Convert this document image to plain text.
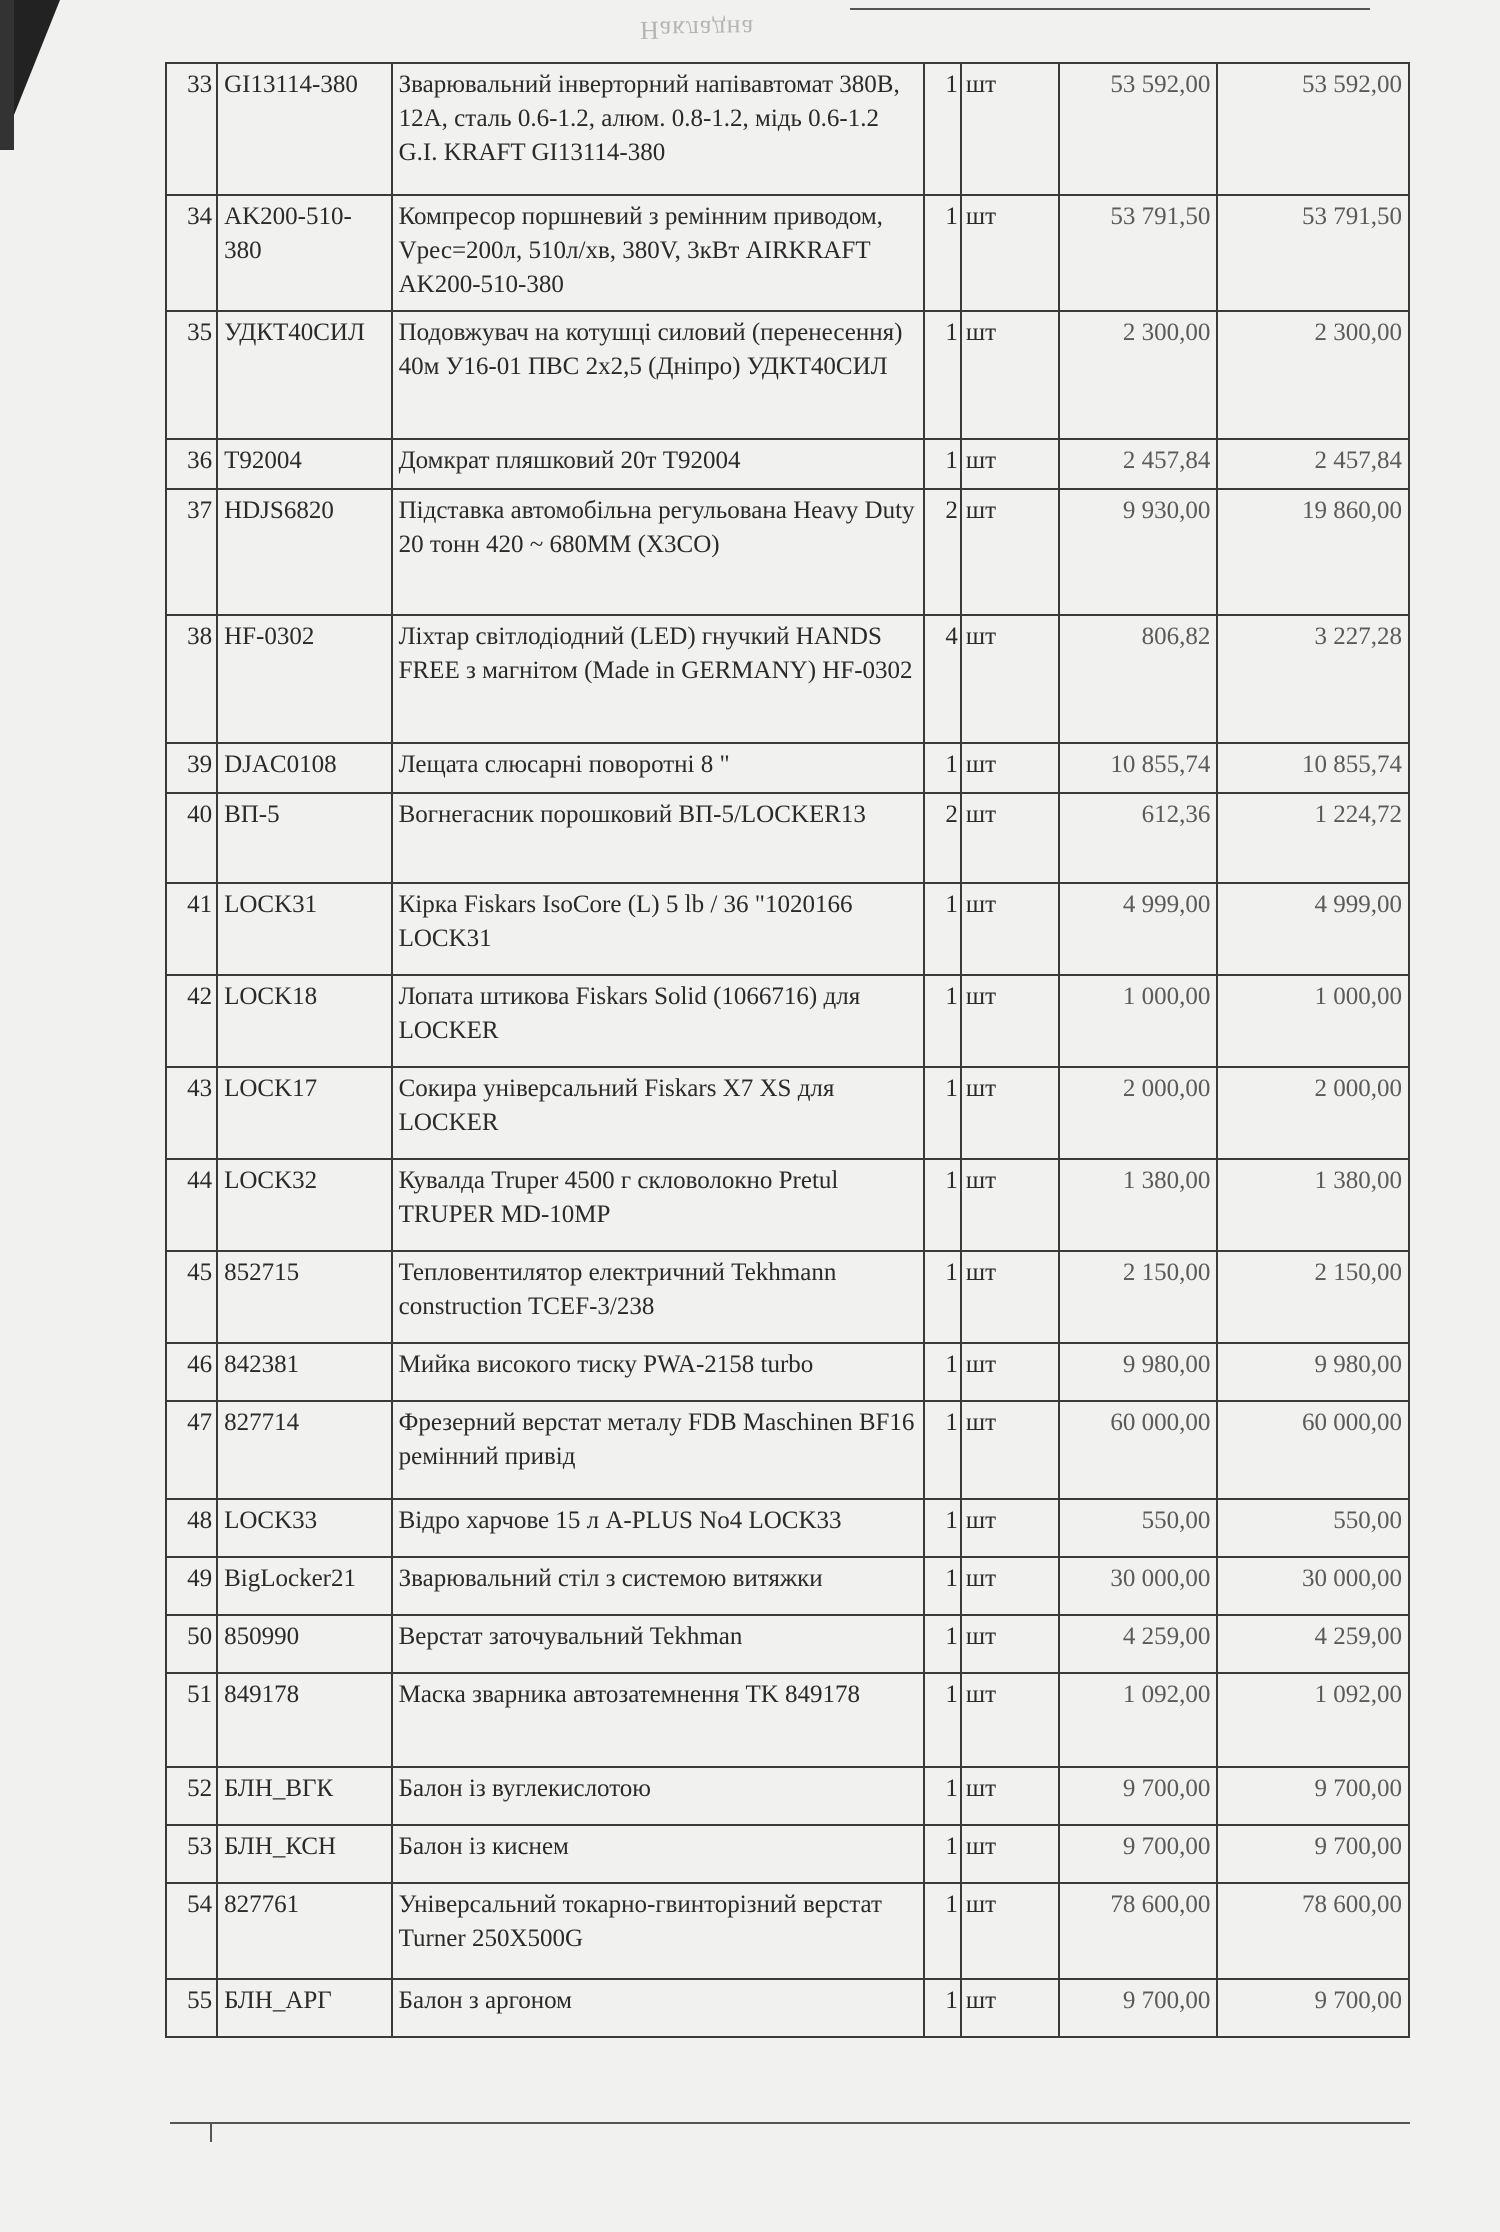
Накладна
33	GI13114-380	Зварювальний інверторний напівавтомат 380В, 12А, сталь 0.6-1.2, алюм. 0.8-1.2, мідь 0.6-1.2 G.I. KRAFT GI13114-380	1	шт	53 592,00	53 592,00
34	AK200-510-380	Компресор поршневий з ремінним приводом, Vрес=200л, 510л/хв, 380V, 3кВт AIRKRAFT AK200-510-380	1	шт	53 791,50	53 791,50
35	УДКТ40СИЛ	Подовжувач на котушці силовий (перенесення) 40м У16-01 ПВС 2х2,5 (Дніпро) УДКТ40СИЛ	1	шт	2 300,00	2 300,00
36	T92004	Домкрат пляшковий 20т T92004	1	шт	2 457,84	2 457,84
37	HDJS6820	Підставка автомобільна регульована Heavy Duty 20 тонн 420 ~ 680MM (X3CO)	2	шт	9 930,00	19 860,00
38	HF-0302	Ліхтар світлодіодний (LED) гнучкий HANDS FREE з магнітом (Made in GERMANY) HF-0302	4	шт	806,82	3 227,28
39	DJAC0108	Лещата слюсарні поворотні 8 "	1	шт	10 855,74	10 855,74
40	ВП-5	Вогнегасник порошковий ВП-5/LOCKER13	2	шт	612,36	1 224,72
41	LOCK31	Кірка Fiskars IsoCore (L) 5 lb / 36 "1020166 LOCK31	1	шт	4 999,00	4 999,00
42	LOCK18	Лопата штикова Fiskars Solid (1066716) для LOCKER	1	шт	1 000,00	1 000,00
43	LOCK17	Сокира універсальний Fiskars X7 XS для LOCKER	1	шт	2 000,00	2 000,00
44	LOCK32	Кувалда Truper 4500 г скловолокно Pretul TRUPER MD-10MP	1	шт	1 380,00	1 380,00
45	852715	Тепловентилятор електричний Tekhmann construction TCEF-3/238	1	шт	2 150,00	2 150,00
46	842381	Мийка високого тиску PWA-2158 turbo	1	шт	9 980,00	9 980,00
47	827714	Фрезерний верстат металу FDB Maschinen BF16 ремінний привід	1	шт	60 000,00	60 000,00
48	LOCK33	Відро харчове 15 л A-PLUS No4 LOCK33	1	шт	550,00	550,00
49	BigLocker21	Зварювальний стіл з системою витяжки	1	шт	30 000,00	30 000,00
50	850990	Верстат заточувальний Tekhman	1	шт	4 259,00	4 259,00
51	849178	Маска зварника автозатемнення TK 849178	1	шт	1 092,00	1 092,00
52	БЛН_ВГК	Балон із вуглекислотою	1	шт	9 700,00	9 700,00
53	БЛН_КСН	Балон із киснем	1	шт	9 700,00	9 700,00
54	827761	Універсальний токарно-гвинторізний верстат Turner 250X500G	1	шт	78 600,00	78 600,00
55	БЛН_АРГ	Балон з аргоном	1	шт	9 700,00	9 700,00
